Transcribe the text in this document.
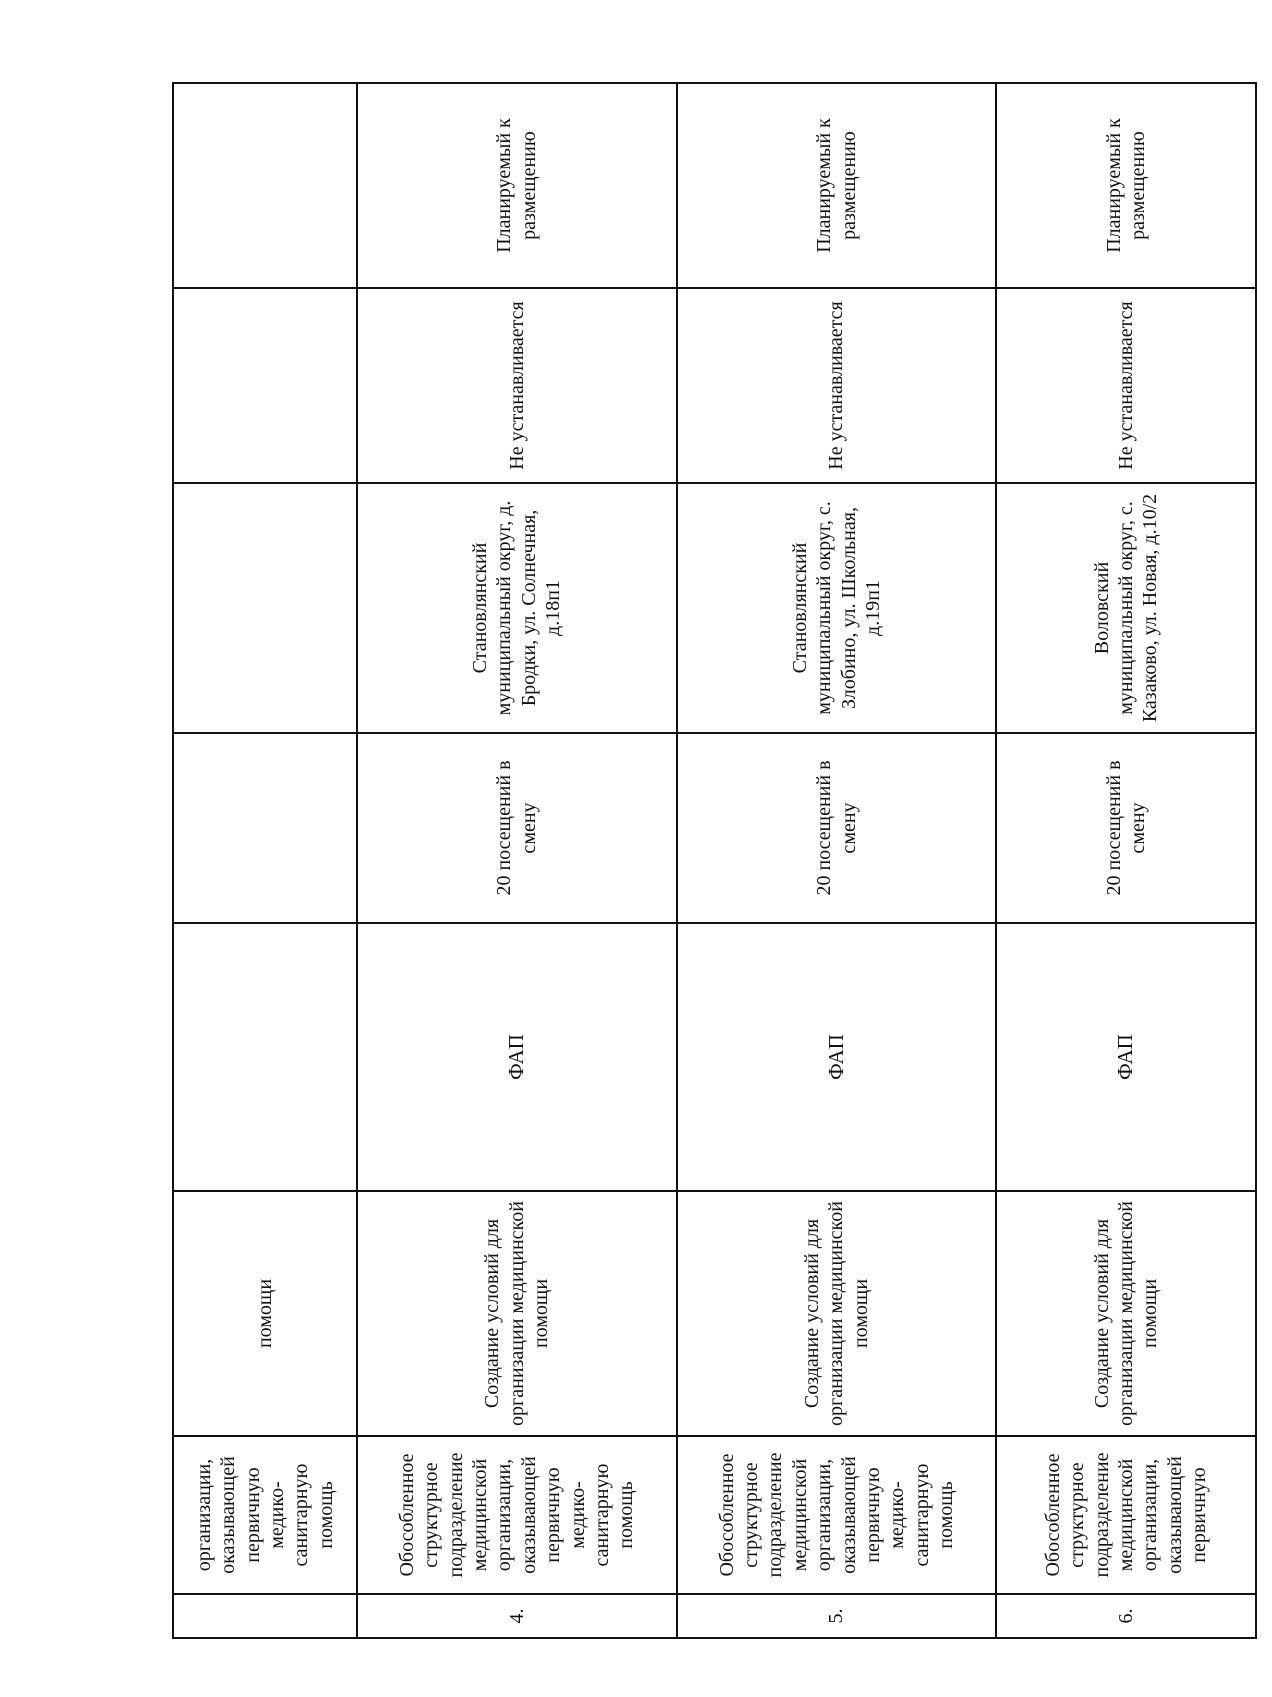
	организации, оказывающей первичную медико-санитарную помощь	помощи					
4.	Обособленное структурное подразделение медицинской организации, оказывающей первичную медико-санитарную помощь	Создание условий для организации медицинской помощи	ФАП	20 посещений в смену	Становлянский муниципальный округ, д. Бродки, ул. Солнечная, д.18п1	Не устанавливается	Планируемый к размещению
5.	Обособленное структурное подразделение медицинской организации, оказывающей первичную медико-санитарную помощь	Создание условий для организации медицинской помощи	ФАП	20 посещений в смену	Становлянский муниципальный округ, с. Злобино, ул. Школьная, д.19п1	Не устанавливается	Планируемый к размещению
6.	Обособленное структурное подразделение медицинской организации, оказывающей первичную	Создание условий для организации медицинской помощи	ФАП	20 посещений в смену	Воловский муниципальный округ, с. Казаково, ул. Новая, д.10/2	Не устанавливается	Планируемый к размещению
